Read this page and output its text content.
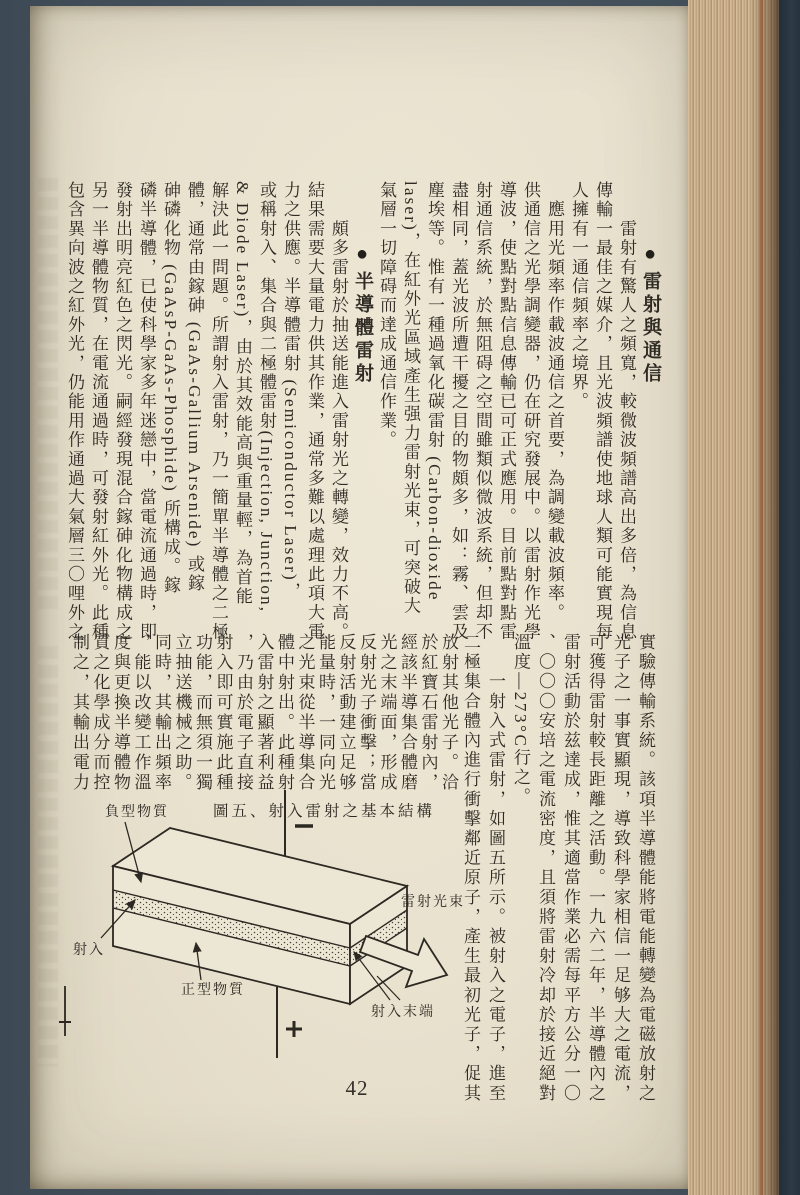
●雷射與通信
　　雷射有驚人之頻寬，較微波頻譜高出多倍，為信息
傳輸一最佳之媒介，且光波頻譜使地球人類可能實現每
人擁有一通信頻率之境界。
　應用光頻率作載波通信之首要，為調變載波頻率。
供通信之光學調變器，仍在研究發展中。以雷射作光學
導波，使點對點信息傳輸已可正式應用。目前點對點雷
射通信系統，於無阻碍之空間雖類似微波系統，但却不
盡相同，蓋光波所遭干擾之目的物頗多，如：霧、雲及
塵埃等。惟有一種過氧化碳雷射 (Carbon-dioxide
laser)，在紅外光區域產生强力雷射光束，可突破大
氣層一切障碍而達成通信作業。
●半導體雷射
　　頗多雷射於抽送能進入雷射光之轉變，效力不高。
結果需要大量電力供其作業，通常多難以處理此項大電
力之供應。半導體雷射 (Semiconductor Laser)，
或稱射入、集合與二極體雷射(Injection, Junction,
& Diode Laser)，由於其效能高與重量輕，為首能
解決此一問題。所謂射入雷射，乃一簡單半導體之二極
體，通常由鎵砷 (GaAs-Gallium Arsenide) 或鎵
砷磷化物 (GaAsP-GaAs-Phosphide) 所構成。鎵
磷半導體，已使科學家多年迷戀中，當電流通過時，即
發射出明亮紅色之閃光。嗣經發現混合鎵砷化物構成之
另一半導體物質，在電流通過時，可發射紅外光。此種
包含異向波之紅外光，仍能用作通過大氣層三〇哩外之
實驗傳輸系統。該項半導體能將電能轉變為電磁放射之
光子之一事實顯現，導致科學家相信一足够大之電流，
可獲得雷射較長距離之活動。一九六二年，半導體內之
雷射活動於兹達成，惟其適當作業必需每平方公分一〇
、〇〇〇安培之電流密度，且須將雷射冷却於接近絕對
溫度—273°C行之。
　　一射入式雷射，如圖五所示。被射入之電子，進至
二極集合體內進行衝擊鄰近原子，產生最初光子，促其
放射其他光子。洽
於紅寶石雷射內，
經該半導集合體磨
光之末端面，形成
反射光子衝擊；當
反射活動建立足够
能量時，一同向光
之光束從半導集合
體中射出。此種射
入雷射之顯著利益
，乃由於電子直接
射入即可實施此種
功能，而無須一獨
立抽送機械之助。
同時，其輸出頻率
，能以改變工作溫
度與更換半導體物
質之化學成分而控
制之，其輸出電力
圖五、射入雷射之基本結構
負型物質
射入
正型物質
射入末端
雷射光束
42
